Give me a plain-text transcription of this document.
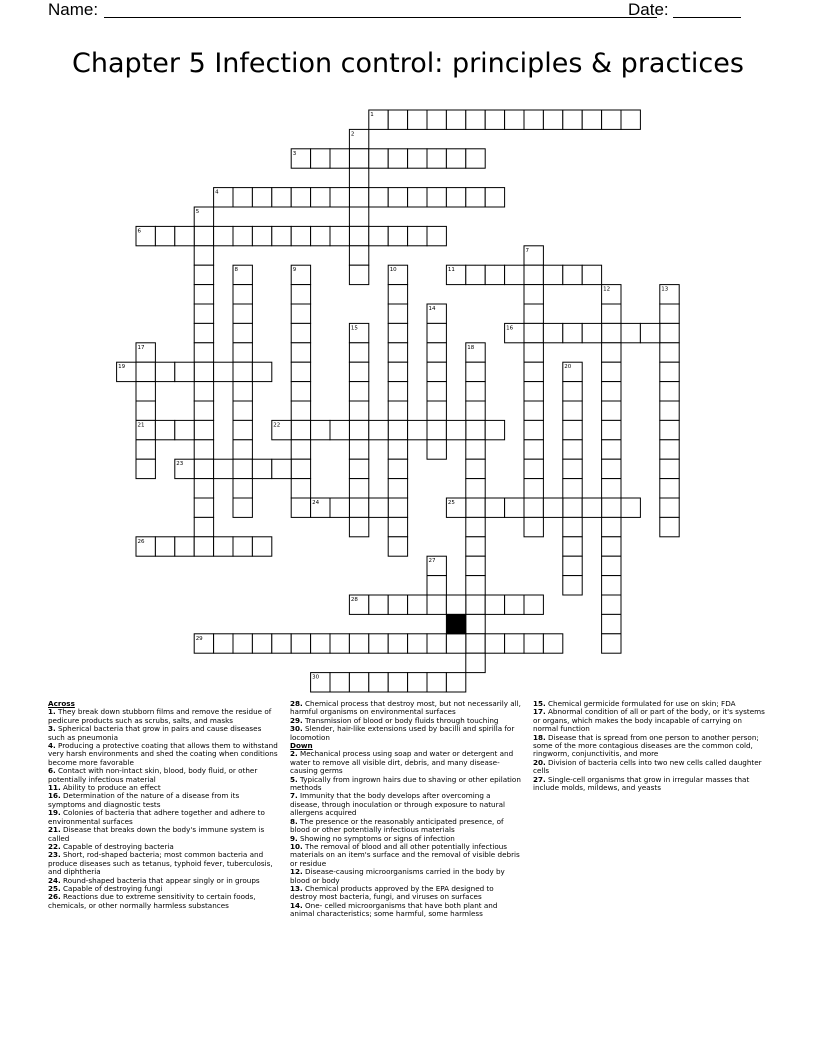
Name:	Date:
Chapter 5 Infection control: principles & practices
1
2
3
4
5
6
7
8	9	10	11
12	13
14
15	16
17	18
19	20
21	22
23
24	25
26
27
28
29
30
Across
1. They break down stubborn films and remove the residue of pedicure products such as scrubs, salts, and masks
3. Spherical bacteria that grow in pairs and cause diseases such as pneumonia
4. Producing a protective coating that allows them to withstand very harsh environments and shed the coating when conditions become more favorable
6. Contact with non-intact skin, blood, body fluid, or other potentially infectious material
11. Ability to produce an effect
16. Determination of the nature of a disease from its symptoms and diagnostic tests
19. Colonies of bacteria that adhere together and adhere to environmental surfaces
21. Disease that breaks down the body's immune system is called
22. Capable of destroying bacteria
23. Short, rod-shaped bacteria; most common bacteria and produce diseases such as tetanus, typhoid fever, tuberculosis, and diphtheria
24. Round-shaped bacteria that appear singly or in groups
25. Capable of destroying fungi
26. Reactions due to extreme sensitivity to certain foods, chemicals, or other normally harmless substances
28. Chemical process that destroy most, but not necessarily all, harmful organisms on environmental surfaces
29. Transmission of blood or body fluids through touching
30. Slender, hair-like extensions used by bacilli and spirilla for locomotion
Down
2. Mechanical process using soap and water or detergent and water to remove all visible dirt, debris, and many disease-causing germs
5. Typically from ingrown hairs due to shaving or other epilation methods
7. Immunity that the body develops after overcoming a disease, through inoculation or through exposure to natural allergens acquired
8. The presence or the reasonably anticipated presence, of blood or other potentially infectious materials
9. Showing no symptoms or signs of infection
10. The removal of blood and all other potentially infectious materials on an item's surface and the removal of visible debris or residue
12. Disease-causing microorganisms carried in the body by blood or body
13. Chemical products approved by the EPA designed to destroy most bacteria, fungi, and viruses on surfaces
14. One- celled microorganisms that have both plant and animal characteristics; some harmful, some harmless
15. Chemical germicide formulated for use on skin; FDA
17. Abnormal condition of all or part of the body, or it's systems or organs, which makes the body incapable of carrying on normal function
18. Disease that is spread from one person to another person; some of the more contagious diseases are the common cold, ringworm, conjunctivitis, and more
20. Division of bacteria cells into two new cells called daughter cells
27. Single-cell organisms that grow in irregular masses that include molds, mildews, and yeasts
